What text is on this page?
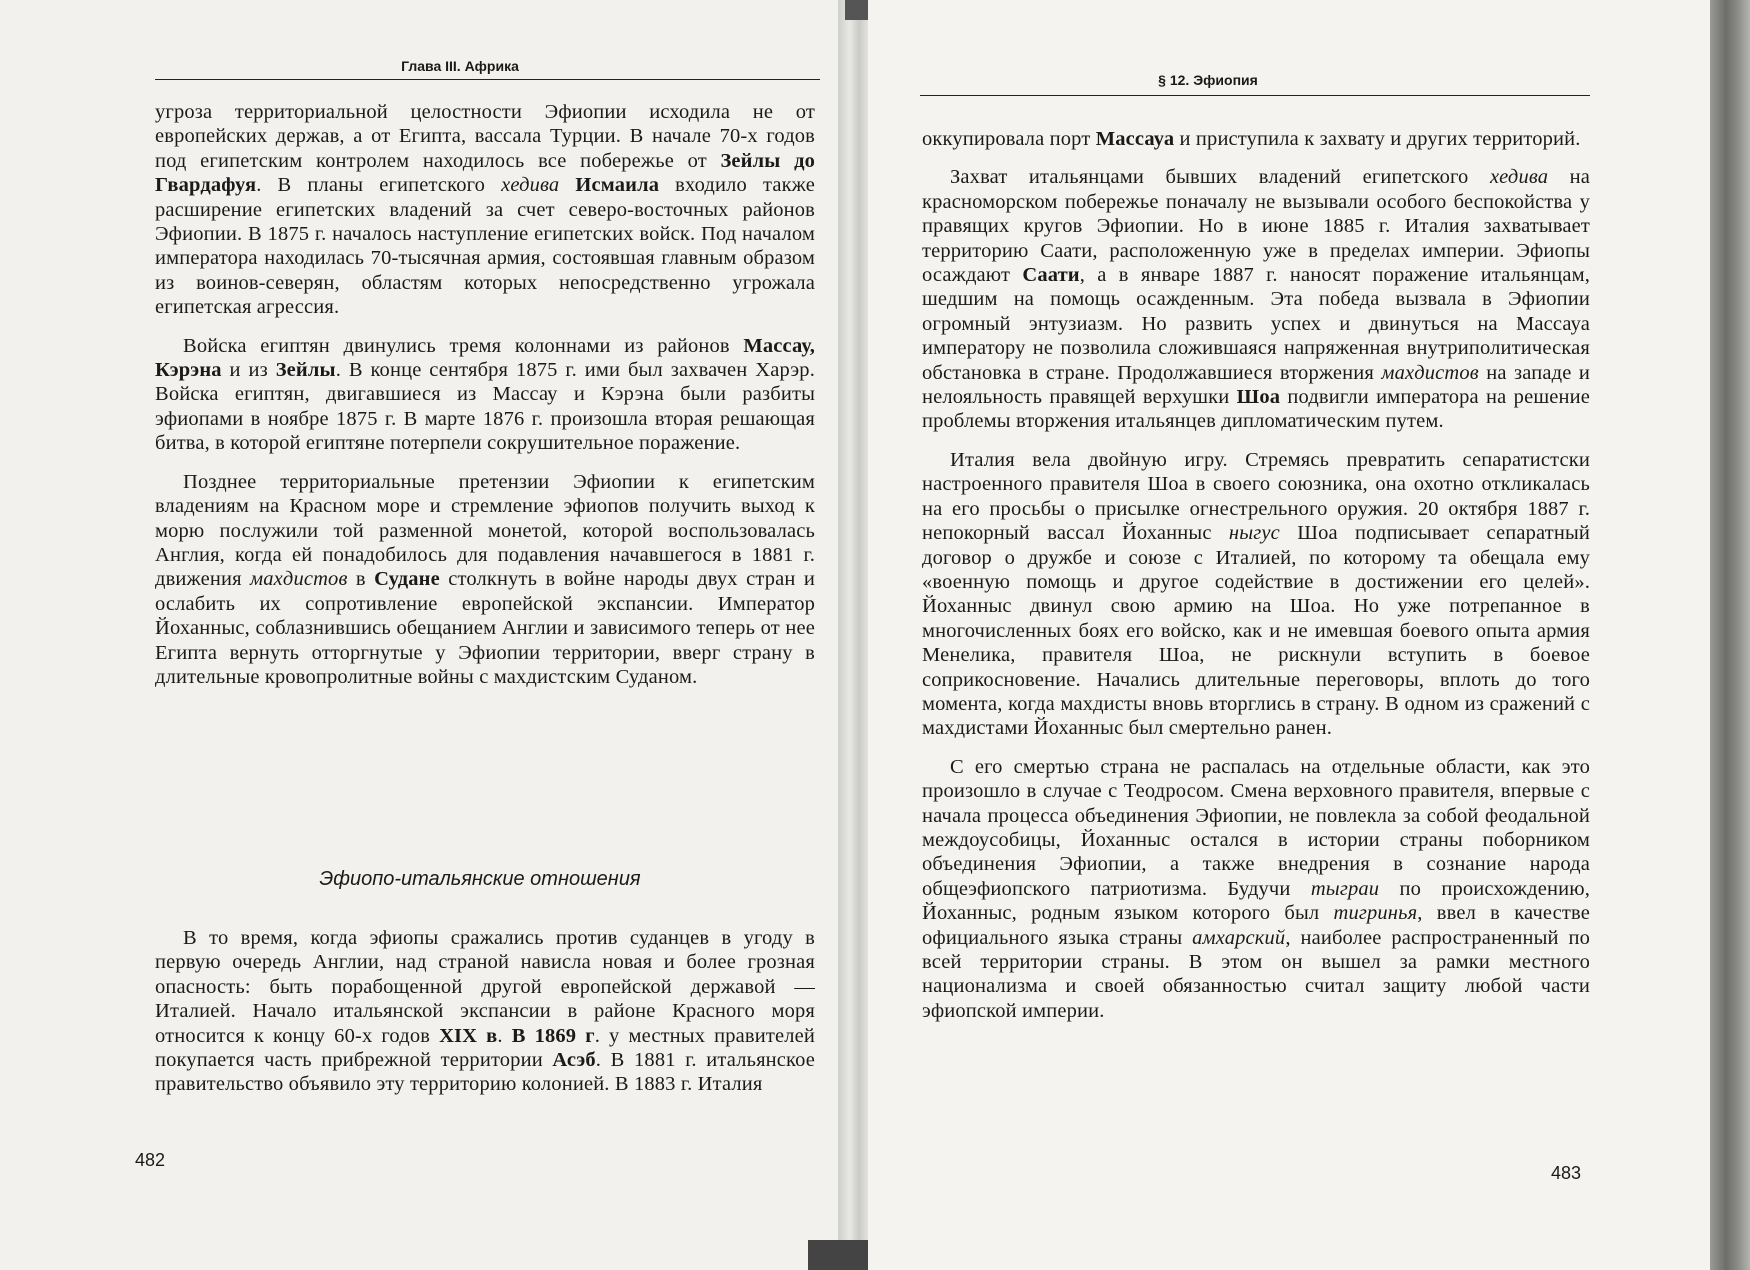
Глава III. Африка

угроза территориальной целостности Эфиопии исходила не от европейских держав, а от Египта, вассала Турции. В начале 70-х годов под египетским контролем находилось все побережье от Зейлы до Гвардафуя. В планы египетского хедива Исмаила входило также расширение египетских владений за счет северо-восточных районов Эфиопии. В 1875 г. началось наступление египетских войск. Под началом императора находилась 70-тысячная армия, состоявшая главным образом из воинов-северян, областям которых непосредственно угрожала египетская агрессия.

Войска египтян двинулись тремя колоннами из районов Массау, Кэрэна и из Зейлы. В конце сентября 1875 г. ими был захвачен Харэр. Войска египтян, двигавшиеся из Массау и Кэрэна были разбиты эфиопами в ноябре 1875 г. В марте 1876 г. произошла вторая решающая битва, в которой египтяне потерпели сокрушительное поражение.

Позднее территориальные претензии Эфиопии к египетским владениям на Красном море и стремление эфиопов получить выход к морю послужили той разменной монетой, которой воспользовалась Англия, когда ей понадобилось для подавления начавшегося в 1881 г. движения махдистов в Судане столкнуть в войне народы двух стран и ослабить их сопротивление европейской экспансии. Император Йоханныс, соблазнившись обещанием Англии и зависимого теперь от нее Египта вернуть отторгнутые у Эфиопии территории, вверг страну в длительные кровопролитные войны с махдистским Суданом.

Эфиопо-итальянские отношения

В то время, когда эфиопы сражались против суданцев в угоду в первую очередь Англии, над страной нависла новая и более грозная опасность: быть порабощенной другой европейской державой — Италией. Начало итальянской экспансии в районе Красного моря относится к концу 60-х годов XIX в. В 1869 г. у местных правителей покупается часть прибрежной территории Асэб. В 1881 г. итальянское правительство объявило эту территорию колонией. В 1883 г. Италия

482
§ 12. Эфиопия

оккупировала порт Массауа и приступила к захвату и других территорий.

Захват итальянцами бывших владений египетского хедива на красноморском побережье поначалу не вызывали особого беспокойства у правящих кругов Эфиопии. Но в июне 1885 г. Италия захватывает территорию Саати, расположенную уже в пределах империи. Эфиопы осаждают Саати, а в январе 1887 г. наносят поражение итальянцам, шедшим на помощь осажденным. Эта победа вызвала в Эфиопии огромный энтузиазм. Но развить успех и двинуться на Массауа императору не позволила сложившаяся напряженная внутриполитическая обстановка в стране. Продолжавшиеся вторжения махдистов на западе и нелояльность правящей верхушки Шоа подвигли императора на решение проблемы вторжения итальянцев дипломатическим путем.

Италия вела двойную игру. Стремясь превратить сепаратистски настроенного правителя Шоа в своего союзника, она охотно откликалась на его просьбы о присылке огнестрельного оружия. 20 октября 1887 г. непокорный вассал Йоханныс ныгус Шоа подписывает сепаратный договор о дружбе и союзе с Италией, по которому та обещала ему «военную помощь и другое содействие в достижении его целей». Йоханныс двинул свою армию на Шоа. Но уже потрепанное в многочисленных боях его войско, как и не имевшая боевого опыта армия Менелика, правителя Шоа, не рискнули вступить в боевое соприкосновение. Начались длительные переговоры, вплоть до того момента, когда махдисты вновь вторглись в страну. В одном из сражений с махдистами Йоханныс был смертельно ранен.

С его смертью страна не распалась на отдельные области, как это произошло в случае с Теодросом. Смена верховного правителя, впервые с начала процесса объединения Эфиопии, не повлекла за собой феодальной междоусобицы, Йоханныс остался в истории страны поборником объединения Эфиопии, а также внедрения в сознание народа общеэфиопского патриотизма. Будучи тыграи по происхождению, Йоханныс, родным языком которого был тигринья, ввел в качестве официального языка страны амхарский, наиболее распространенный по всей территории страны. В этом он вышел за рамки местного национализма и своей обязанностью считал защиту любой части эфиопской империи.

483
